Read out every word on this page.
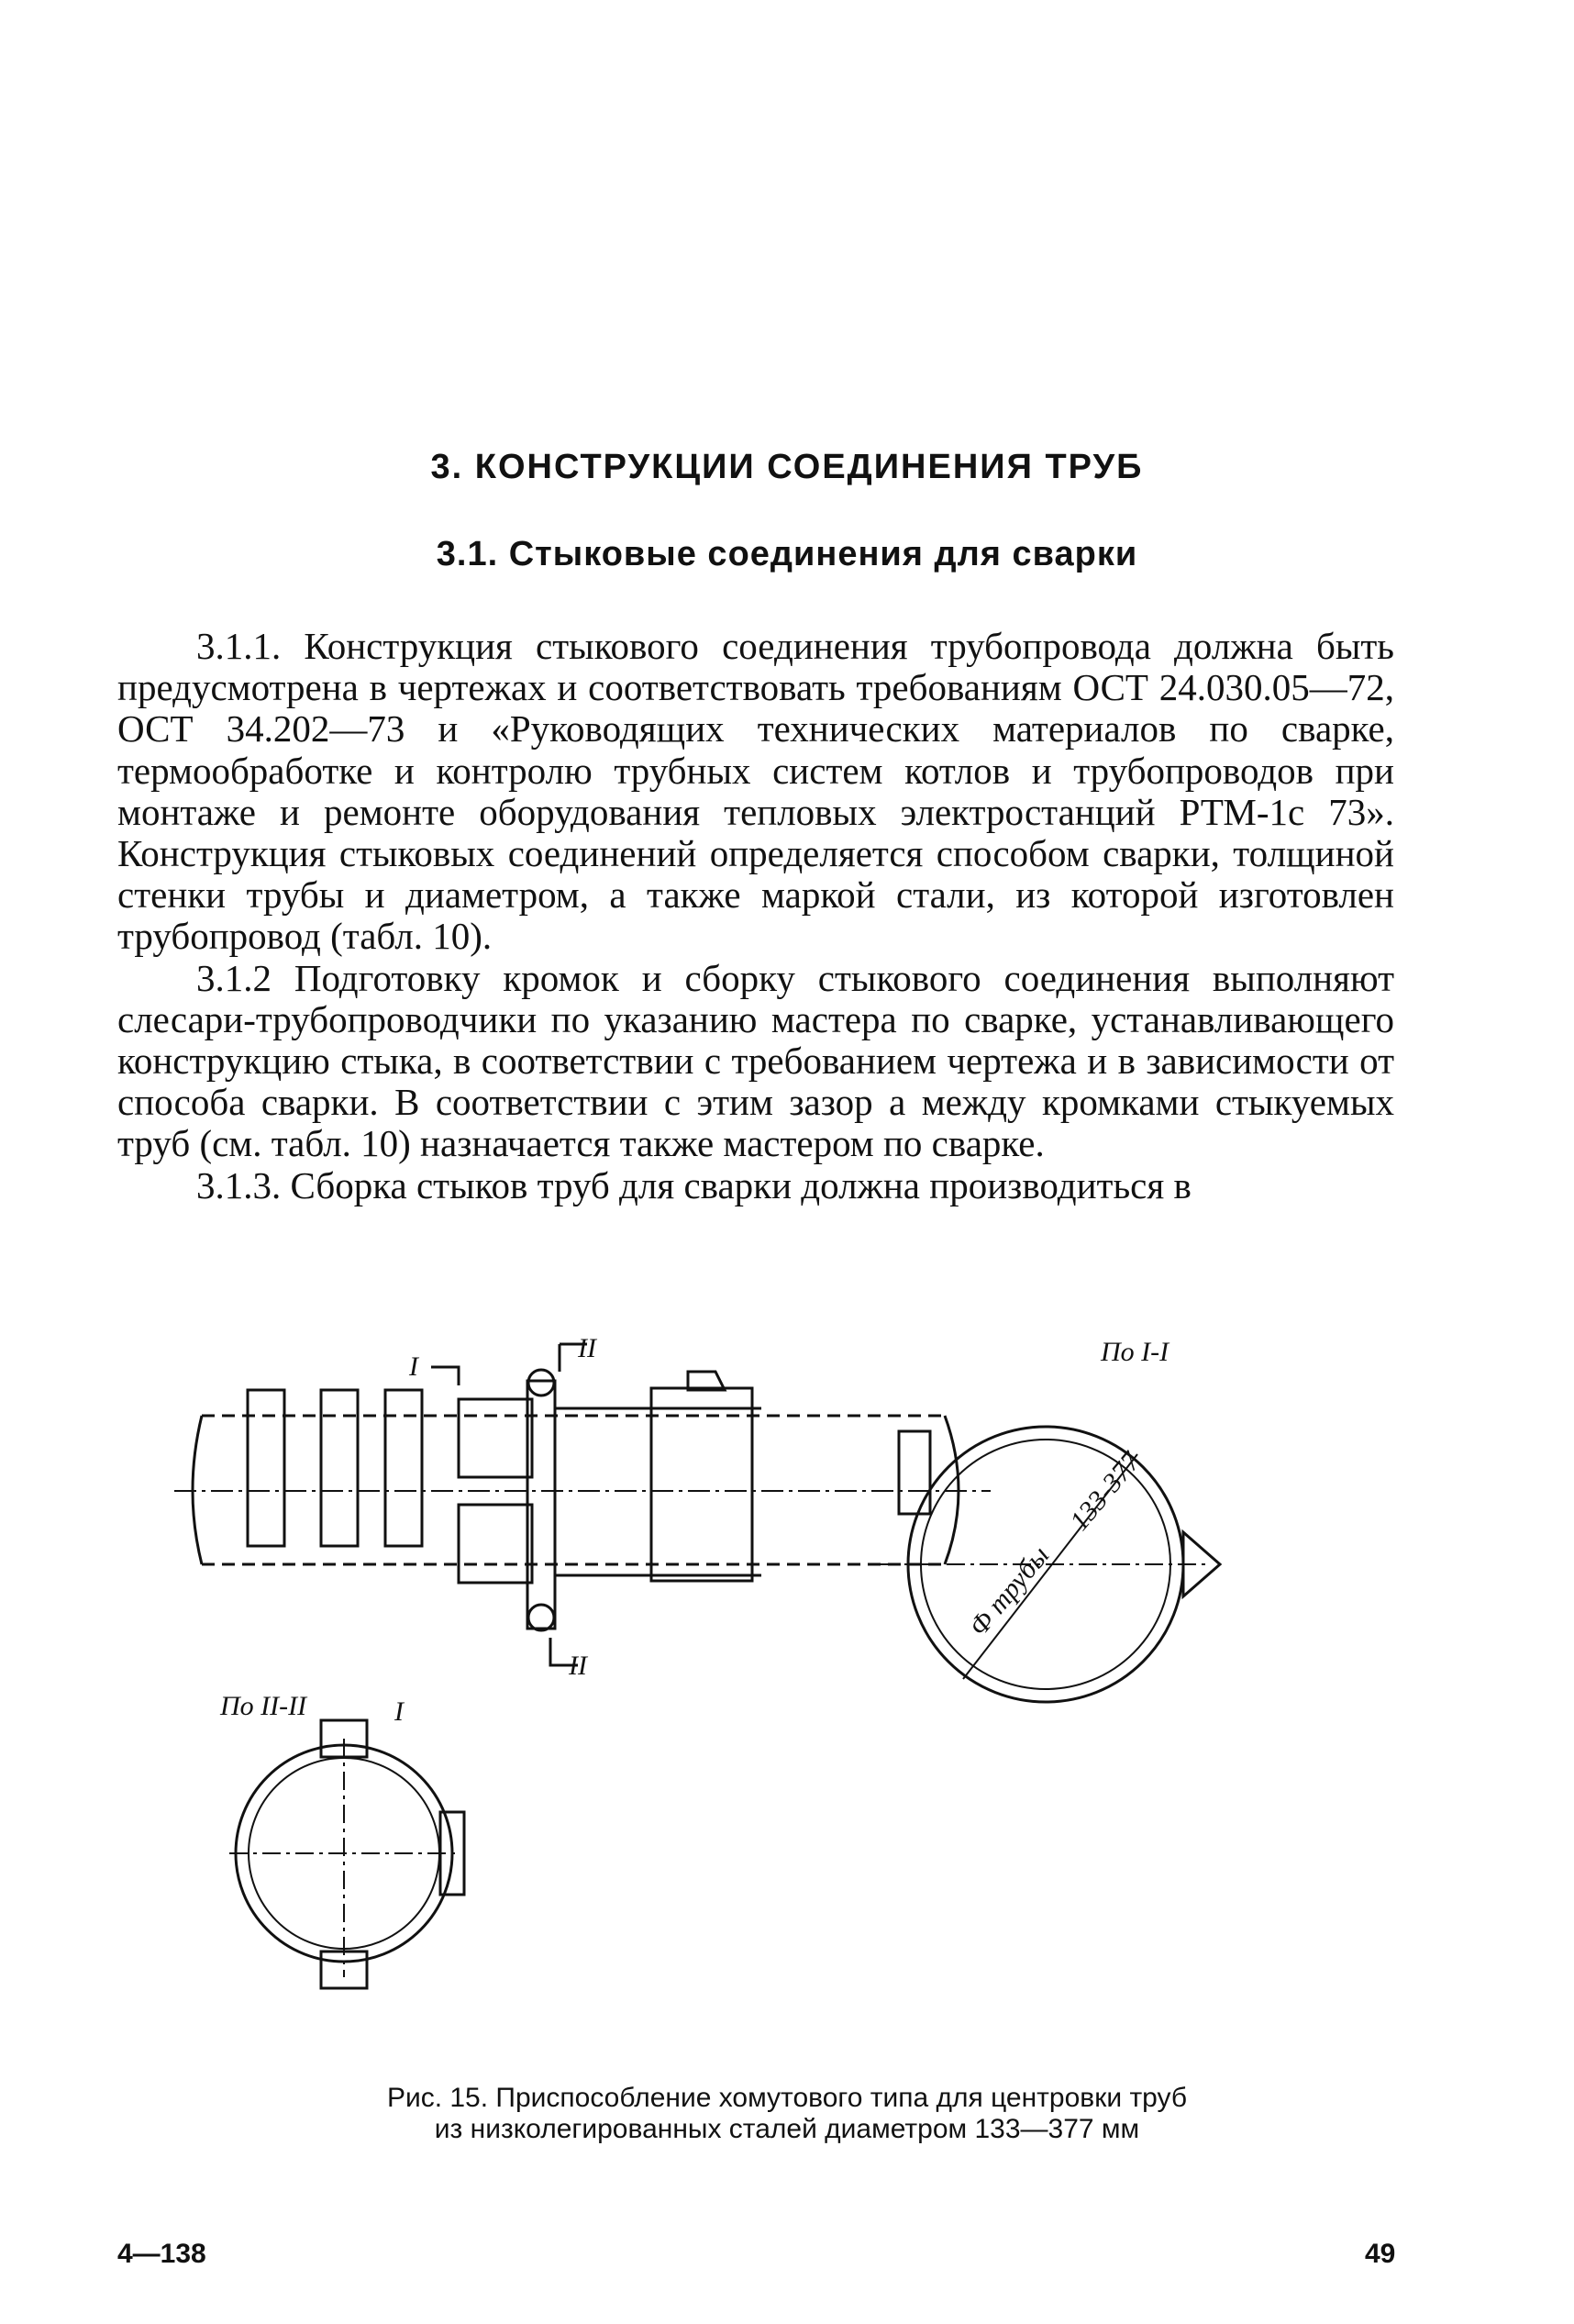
3. КОНСТРУКЦИИ СОЕДИНЕНИЯ ТРУБ
3.1. Стыковые соединения для сварки

3.1.1. Конструкция стыкового соединения трубопровода должна быть предусмотрена в чертежах и соответствовать требованиям ОСТ 24.030.05—72, ОСТ 34.202—73 и «Руководящих технических материалов по сварке, термообработке и контролю трубных систем котлов и трубопроводов при монтаже и ремонте оборудования тепловых электростанций РТМ-1с 73». Конструкция стыковых соединений определяется способом сварки, толщиной стенки трубы и диаметром, а также маркой стали, из которой изготовлен трубопровод (табл. 10).

3.1.2 Подготовку кромок и сборку стыкового соединения выполняют слесари-трубопроводчики по указанию мастера по сварке, устанавливающего конструкцию стыка, в соответствии с требованием чертежа и в зависимости от способа сварки. В соответствии с этим зазор а между кромками стыкуемых труб (см. табл. 10) назначается также мастером по сварке.

3.1.3. Сборка стыков труб для сварки должна производиться в

По I-I
По II-II
II
II
I
I
Ф трубы
133-377
Рис. 15. Приспособление хомутового типа для центровки труб
из низколегированных сталей диаметром 133—377 мм
4—138	49
